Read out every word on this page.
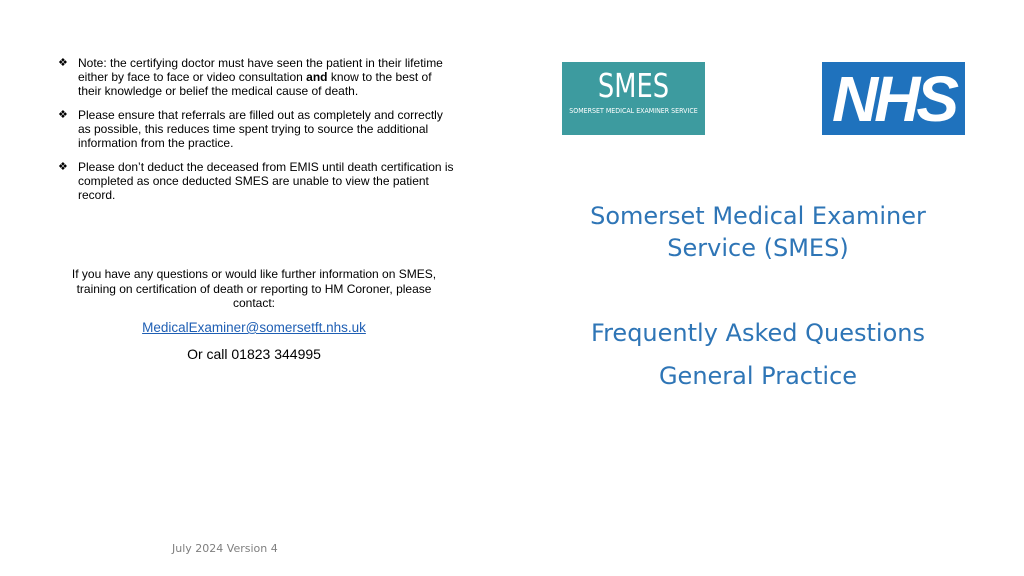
❖ Note: the certifying doctor must have seen the patient in their lifetime either by face to face or video consultation and know to the best of their knowledge or belief the medical cause of death.
❖ Please ensure that referrals are filled out as completely and correctly as possible, this reduces time spent trying to source the additional information from the practice.
❖ Please don’t deduct the deceased from EMIS until death certification is completed as once deducted SMES are unable to view the patient record.
If you have any questions or would like further information on SMES, training on certification of death or reporting to HM Coroner, please contact:
MedicalExaminer@somersetft.nhs.uk
Or call 01823 344995
July 2024 Version 4
SMES
SOMERSET MEDICAL EXAMINER SERVICE NHS
Somerset Medical Examiner Service (SMES)
Frequently Asked Questions
General Practice
